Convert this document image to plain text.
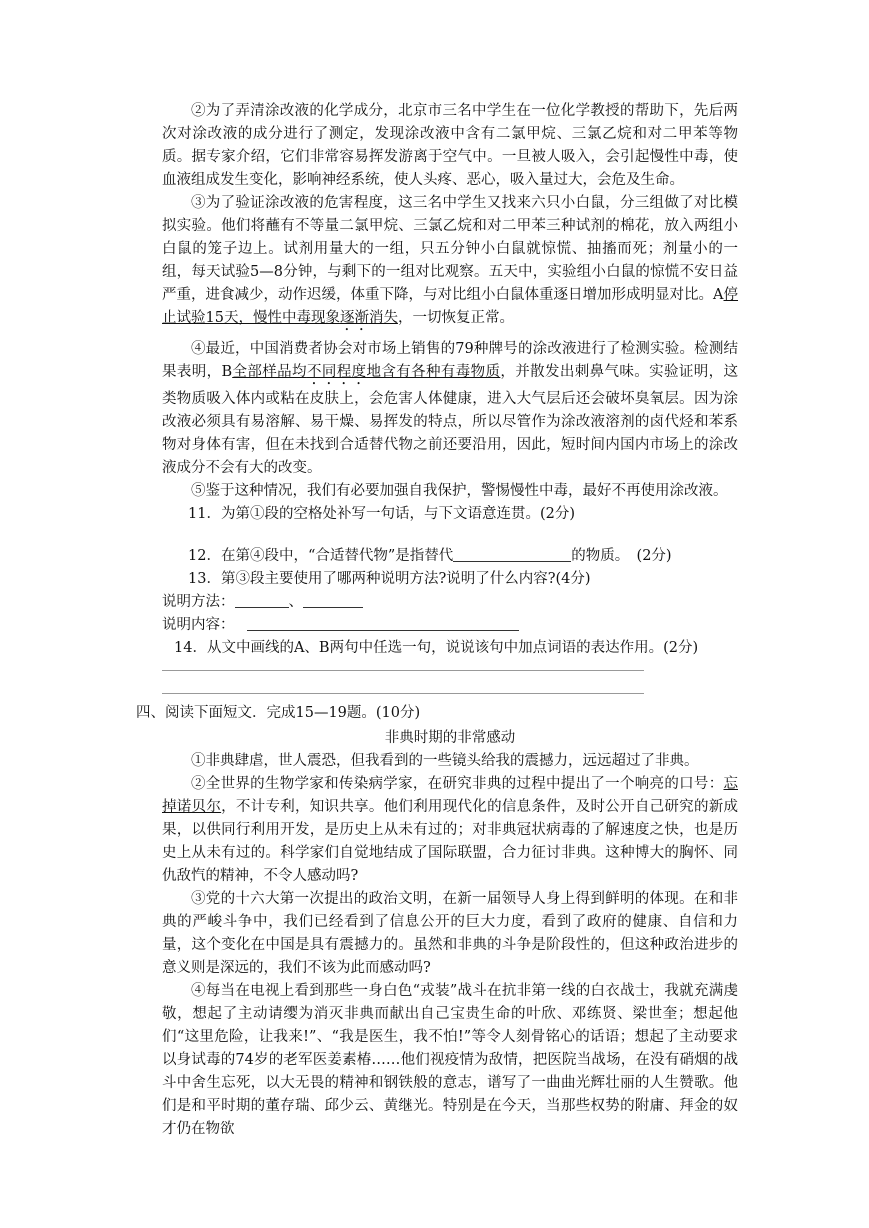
②为了弄清涂改液的化学成分，北京市三名中学生在一位化学教授的帮助下，先后两次对涂改液的成分进行了测定，发现涂改液中含有二氯甲烷、三氯乙烷和对二甲苯等物质。据专家介绍，它们非常容易挥发游离于空气中。一旦被人吸入，会引起慢性中毒，使血液组成发生变化，影响神经系统，使人头疼、恶心，吸入量过大，会危及生命。

③为了验证涂改液的危害程度，这三名中学生又找来六只小白鼠，分三组做了对比模拟实验。他们将蘸有不等量二氯甲烷、三氯乙烷和对二甲苯三种试剂的棉花，放入两组小白鼠的笼子边上。试剂用量大的一组，只五分钟小白鼠就惊慌、抽搐而死；剂量小的一组，每天试验5—8分钟，与剩下的一组对比观察。五天中，实验组小白鼠的惊慌不安日益严重，进食减少，动作迟缓，体重下降，与对比组小白鼠体重逐日增加形成明显对比。A停止试验15天，慢性中毒现象逐渐消失，一切恢复正常。

④最近，中国消费者协会对市场上销售的79种牌号的涂改液进行了检测实验。检测结果表明，B全部样品均不同程度地含有各种有毒物质，并散发出刺鼻气味。实验证明，这类物质吸入体内或粘在皮肤上，会危害人体健康，进入大气层后还会破坏臭氧层。因为涂改液必须具有易溶解、易干燥、易挥发的特点，所以尽管作为涂改液溶剂的卤代烃和苯系物对身体有害，但在未找到合适替代物之前还要沿用，因此，短时间内国内市场上的涂改液成分不会有大的改变。

⑤鉴于这种情况，我们有必要加强自我保护，警惕慢性中毒，最好不再使用涂改液。

11．为第①段的空格处补写一句话，与下文语意连贯。(2分)

12．在第④段中，“合适替代物”是指替代	的物质。　(2分)

13．第③段主要使用了哪两种说明方法?说明了什么内容?(4分)

说明方法：	、

说明内容：

14．从文中画线的A、B两句中任选一句，说说该句中加点词语的表达作用。(2分)

四、阅读下面短文．完成15—19题。(10分)

非典时期的非常感动

①非典肆虐，世人震恐，但我看到的一些镜头给我的震撼力，远远超过了非典。

②全世界的生物学家和传染病学家，在研究非典的过程中提出了一个响亮的口号：忘掉诺贝尔，不计专利，知识共享。他们利用现代化的信息条件，及时公开自己研究的新成果，以供同行利用开发，是历史上从未有过的；对非典冠状病毒的了解速度之快，也是历史上从未有过的。科学家们自觉地结成了国际联盟，合力征讨非典。这种博大的胸怀、同仇敌忾的精神，不令人感动吗?

③党的十六大第一次提出的政治文明，在新一届领导人身上得到鲜明的体现。在和非典的严峻斗争中，我们已经看到了信息公开的巨大力度，看到了政府的健康、自信和力量，这个变化在中国是具有震撼力的。虽然和非典的斗争是阶段性的，但这种政治进步的意义则是深远的，我们不该为此而感动吗?

④每当在电视上看到那些一身白色“戎装”战斗在抗非第一线的白衣战士，我就充满虔敬，想起了主动请缨为消灭非典而献出自己宝贵生命的叶欣、邓练贤、梁世奎；想起他们“这里危险，让我来!”、“我是医生，我不怕!”等令人刻骨铭心的话语；想起了主动要求以身试毒的74岁的老军医姜素椿……他们视疫情为敌情，把医院当战场，在没有硝烟的战斗中舍生忘死，以大无畏的精神和钢铁般的意志，谱写了一曲曲光辉壮丽的人生赞歌。他们是和平时期的董存瑞、邱少云、黄继光。特别是在今天，当那些权势的附庸、拜金的奴才仍在物欲
